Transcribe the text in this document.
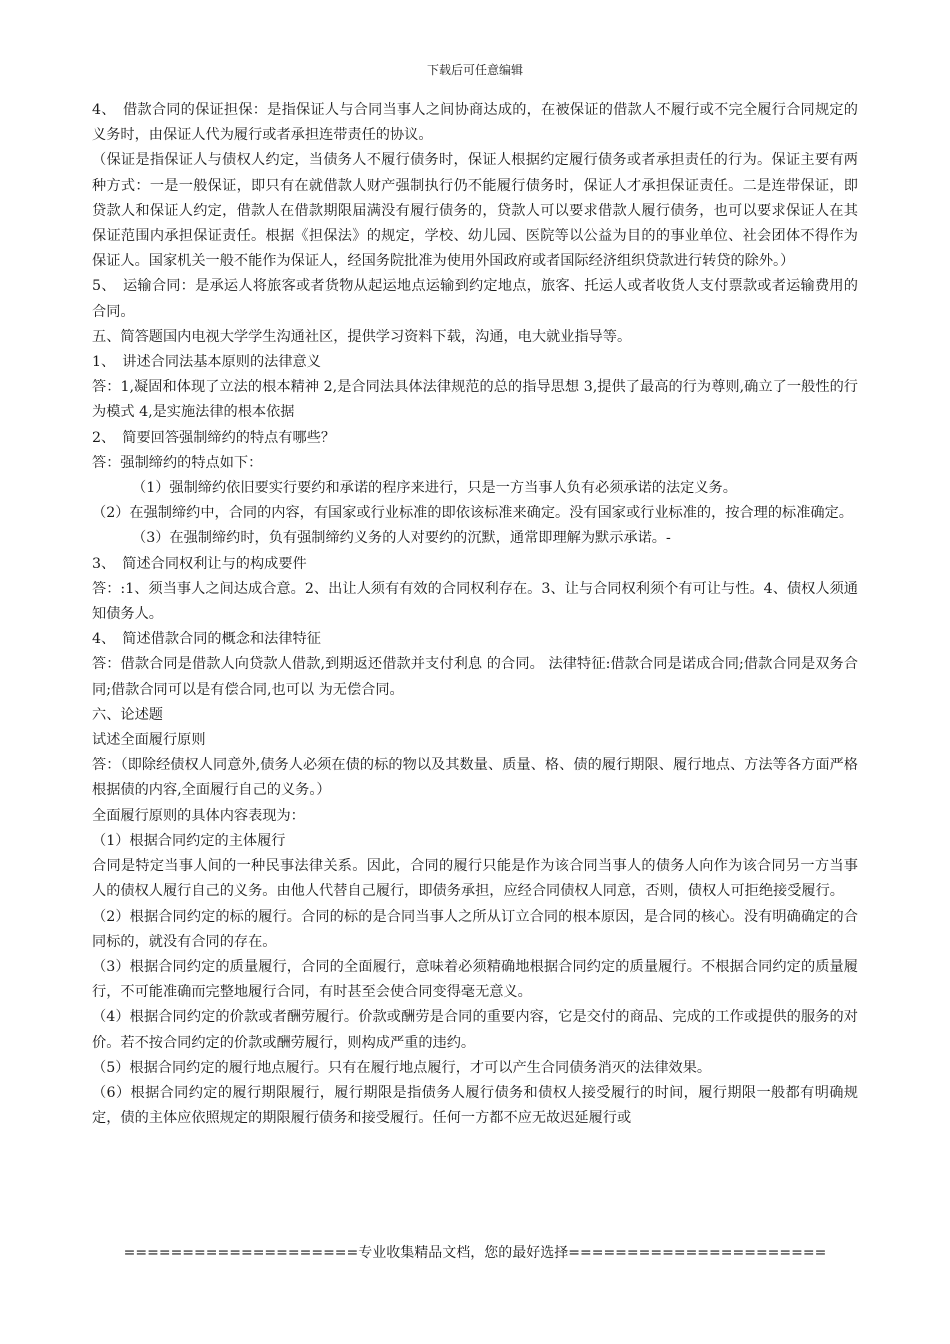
下载后可任意编辑

4、　借款合同的保证担保：是指保证人与合同当事人之间协商达成的，在被保证的借款人不履行或不完全履行合同规定的义务时，由保证人代为履行或者承担连带责任的协议。

（保证是指保证人与债权人约定，当债务人不履行债务时，保证人根据约定履行债务或者承担责任的行为。保证主要有两种方式：一是一般保证，即只有在就借款人财产强制执行仍不能履行债务时，保证人才承担保证责任。二是连带保证，即贷款人和保证人约定，借款人在借款期限届满没有履行债务的，贷款人可以要求借款人履行债务，也可以要求保证人在其保证范围内承担保证责任。根据《担保法》的规定，学校、幼儿园、医院等以公益为目的的事业单位、社会团体不得作为保证人。国家机关一般不能作为保证人，经国务院批准为使用外国政府或者国际经济组织贷款进行转贷的除外。）

5、　运输合同：是承运人将旅客或者货物从起运地点运输到约定地点，旅客、托运人或者收货人支付票款或者运输费用的合同。

五、简答题国内电视大学学生沟通社区，提供学习资料下载，沟通，电大就业指导等。

1、　讲述合同法基本原则的法律意义

答：1,凝固和体现了立法的根本精神 2,是合同法具体法律规范的总的指导思想 3,提供了最高的行为尊则,确立了一般性的行为模式 4,是实施法律的根本依据

2、　简要回答强制缔约的特点有哪些？

答：强制缔约的特点如下：

（1）强制缔约依旧要实行要约和承诺的程序来进行，只是一方当事人负有必须承诺的法定义务。

（2）在强制缔约中，合同的内容，有国家或行业标准的即依该标准来确定。没有国家或行业标准的，按合理的标准确定。

（3）在强制缔约时，负有强制缔约义务的人对要约的沉默，通常即理解为默示承诺。-

3、　简述合同权利让与的构成要件

答：:1、须当事人之间达成合意。2、出让人须有有效的合同权利存在。3、让与合同权利须个有可让与性。4、债权人须通知债务人。

4、　简述借款合同的概念和法律特征

答：借款合同是借款人向贷款人借款,到期返还借款并支付利息 的合同。 法律特征:借款合同是诺成合同;借款合同是双务合同;借款合同可以是有偿合同,也可以 为无偿合同。

六、论述题

试述全面履行原则

答：（即除经债权人同意外,债务人必须在债的标的物以及其数量、质量、格、债的履行期限、履行地点、方法等各方面严格根据债的内容,全面履行自己的义务。）

全面履行原则的具体内容表现为：

（1）根据合同约定的主体履行

合同是特定当事人间的一种民事法律关系。因此，合同的履行只能是作为该合同当事人的债务人向作为该合同另一方当事人的债权人履行自己的义务。由他人代替自己履行，即债务承担，应经合同债权人同意，否则，债权人可拒绝接受履行。

（2）根据合同约定的标的履行。合同的标的是合同当事人之所从订立合同的根本原因，是合同的核心。没有明确确定的合同标的，就没有合同的存在。

（3）根据合同约定的质量履行，合同的全面履行，意味着必须精确地根据合同约定的质量履行。不根据合同约定的质量履行，不可能准确而完整地履行合同，有时甚至会使合同变得毫无意义。

（4）根据合同约定的价款或者酬劳履行。价款或酬劳是合同的重要内容，它是交付的商品、完成的工作或提供的服务的对价。若不按合同约定的价款或酬劳履行，则构成严重的违约。

（5）根据合同约定的履行地点履行。只有在履行地点履行，才可以产生合同债务消灭的法律效果。

（6）根据合同约定的履行期限履行，履行期限是指债务人履行债务和债权人接受履行的时间，履行期限一般都有明确规定，债的主体应依照规定的期限履行债务和接受履行。任何一方都不应无故迟延履行或

====================专业收集精品文档，您的最好选择======================
